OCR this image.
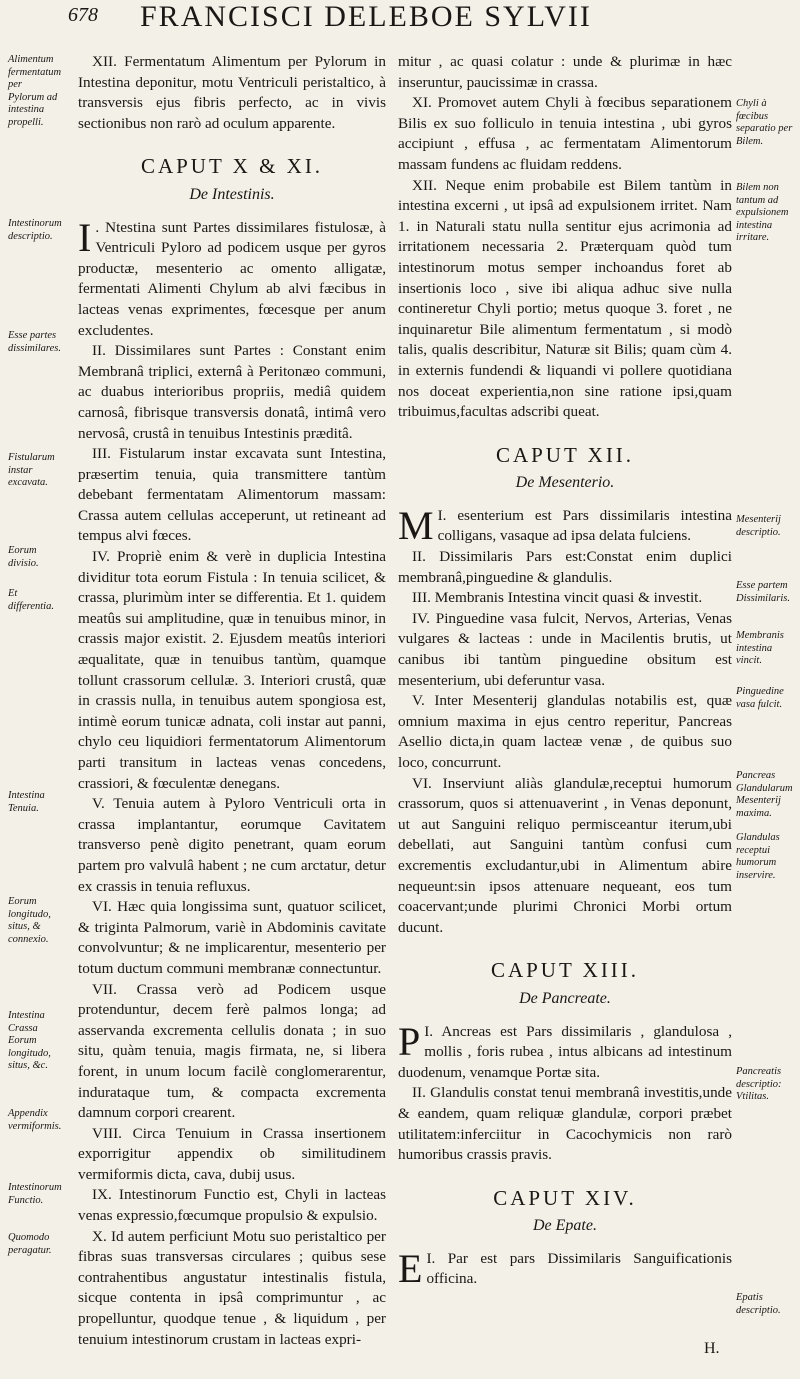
678 FRANCISCI DELEBOE SYLVII

XII. Fermentatum Alimentum per Pylorum in Intestina deponitur, motu Ventriculi peristaltico, à transversis ejus fibris perfecto, ac in vivis sectionibus non rarò ad oculum apparente.

CAPUT X & XI.
De Intestinis.

I . Ntestina sunt Partes dissimilares fistulosæ, à Ventriculi Pyloro ad podicem usque per gyros productæ, mesenterio ac omento alligatæ, fermentati Alimenti Chylum ab alvi fæcibus in lacteas venas exprimentes, fœcesque per anum excludentes.

II. Dissimilares sunt Partes : Constant enim Membranâ triplici, externâ à Peritonæo communi, ac duabus interioribus propriis, mediâ quidem carnosâ, fibrisque transversis donatâ, intimâ vero nervosâ, crustâ in tenuibus Intestinis præditâ.

III. Fistularum instar excavata sunt Intestina, præsertim tenuia, quia transmittere tantùm debebant fermentatam Alimentorum massam: Crassa autem cellulas acceperunt, ut retineant ad tempus alvi fœces.

IV. Propriè enim & verè in duplicia Intestina dividitur tota eorum Fistula : In tenuia scilicet, & crassa, plurimùm inter se differentia. Et 1. quidem meatûs sui amplitudine, quæ in tenuibus minor, in crassis major existit. 2. Ejusdem meatûs interiori æqualitate, quæ in tenuibus tantùm, quamque tollunt crassorum cellulæ. 3. Interiori crustâ, quæ in crassis nulla, in tenuibus autem spongiosa est, intimè eorum tunicæ adnata, coli instar aut panni, chylo ceu liquidiori fermentatorum Alimentorum parti transitum in lacteas venas concedens, crassiori, & fœculentæ denegans.

V. Tenuia autem à Pyloro Ventriculi orta in crassa implantantur, eorumque Cavitatem transverso penè digito penetrant, quam eorum partem pro valvulâ habent ; ne cum arctatur, detur ex crassis in tenuia refluxus.

VI. Hæc quia longissima sunt, quatuor scilicet, & triginta Palmorum, variè in Abdominis cavitate convolvuntur; & ne implicarentur, mesenterio per totum ductum communi membranæ connectuntur.

VII. Crassa verò ad Podicem usque protenduntur, decem ferè palmos longa; ad asservanda excrementa cellulis donata ; in suo situ, quàm tenuia, magis firmata, ne, si libera forent, in unum locum facilè conglomerarentur, indurataque tum, & compacta excrementa damnum corpori crearent.

VIII. Circa Tenuium in Crassa insertionem exporrigitur appendix ob similitudinem vermiformis dicta, cava, dubij usus.

IX. Intestinorum Functio est, Chyli in lacteas venas expressio,fœcumque propulsio & expulsio.

X. Id autem perficiunt Motu suo peristaltico per fibras suas transversas circulares ; quibus sese contrahentibus angustatur intestinalis fistula, sicque contenta in ipsâ comprimuntur , ac propelluntur, quodque tenue , & liquidum , per tenuium intestinorum crustam in lacteas expri-

mitur , ac quasi colatur : unde & plurimæ in hæc inseruntur, paucissimæ in crassa.

XI. Promovet autem Chyli à fœcibus separationem Bilis ex suo folliculo in tenuia intestina , ubi gyros accipiunt , effusa , ac fermentatam Alimentorum massam fundens ac fluidam reddens.

XII. Neque enim probabile est Bilem tantùm in intestina excerni , ut ipsâ ad expulsionem irritet. Nam 1. in Naturali statu nulla sentitur ejus acrimonia ad irritationem necessaria 2. Præterquam quòd tum intestinorum motus semper inchoandus foret ab insertionis loco , sive ibi aliqua adhuc sive nulla contineretur Chyli portio; metus quoque 3. foret , ne inquinaretur Bile alimentum fermentatum , si modò talis, qualis describitur, Naturæ sit Bilis; quam cùm 4. in externis fundendi & liquandi vi pollere quotidiana nos doceat experientia,non sine ratione ipsi,quam tribuimus,facultas adscribi queat.

CAPUT XII.
De Mesenterio.

M I. esenterium est Pars dissimilaris intestina colligans, vasaque ad ipsa delata fulciens.

II. Dissimilaris Pars est:Constat enim duplici membranâ,pinguedine & glandulis.

III. Membranis Intestina vincit quasi & investit.

IV. Pinguedine vasa fulcit, Nervos, Arterias, Venas vulgares & lacteas : unde in Macilentis brutis, ut canibus ibi tantùm pinguedine obsitum est mesenterium, ubi deferuntur vasa.

V. Inter Mesenterij glandulas notabilis est, quæ omnium maxima in ejus centro reperitur, Pancreas Asellio dicta,in quam lacteæ venæ , de quibus suo loco, concurrunt.

VI. Inserviunt aliàs glandulæ,receptui humorum crassorum, quos si attenuaverint , in Venas deponunt, ut aut Sanguini reliquo permisceantur iterum,ubi debellati, aut Sanguini tantùm confusi cum excrementis excludantur,ubi in Alimentum abire nequeunt:sin ipsos attenuare nequeant, eos tum coacervant;unde plurimi Chronici Morbi ortum ducunt.

CAPUT XIII.
De Pancreate.

P I. Ancreas est Pars dissimilaris , glandulosa , mollis , foris rubea , intus albicans ad intestinum duodenum, venamque Portæ sita.

II. Glandulis constat tenui membranâ investitis,unde & eandem, quam reliquæ glandulæ, corpori præbet utilitatem:inferciitur in Cacochymicis non rarò humoribus crassis pravis.

CAPUT XIV.
De Epate.

E I. Par est pars Dissimilaris Sanguificationis officina.

Alimentum fermentatum per Pylorum ad intestina propelli.
Intestinorum descriptio.
Esse partes dissimilares.
Fistularum instar excavata.
Eorum divisio.
Et differentia.
Intestina Tenuia.
Eorum longitudo, situs, & connexio.
Intestina Crassa Eorum longitudo, situs, &c.
Appendix vermiformis.
Intestinorum Functio.
Quomodo peragatur.
Chyli à fœcibus separatio per Bilem.
Bilem non tantum ad expulsionem intestina irritare.
Mesenterij descriptio.
Esse partem Dissimilaris.
Membranis intestina vincit.
Pinguedine vasa fulcit.
Pancreas Glandularum Mesenterij maxima.
Glandulas receptui humorum inservire.
Pancreatis descriptio: Vtilitas.
Epatis descriptio.
H.
